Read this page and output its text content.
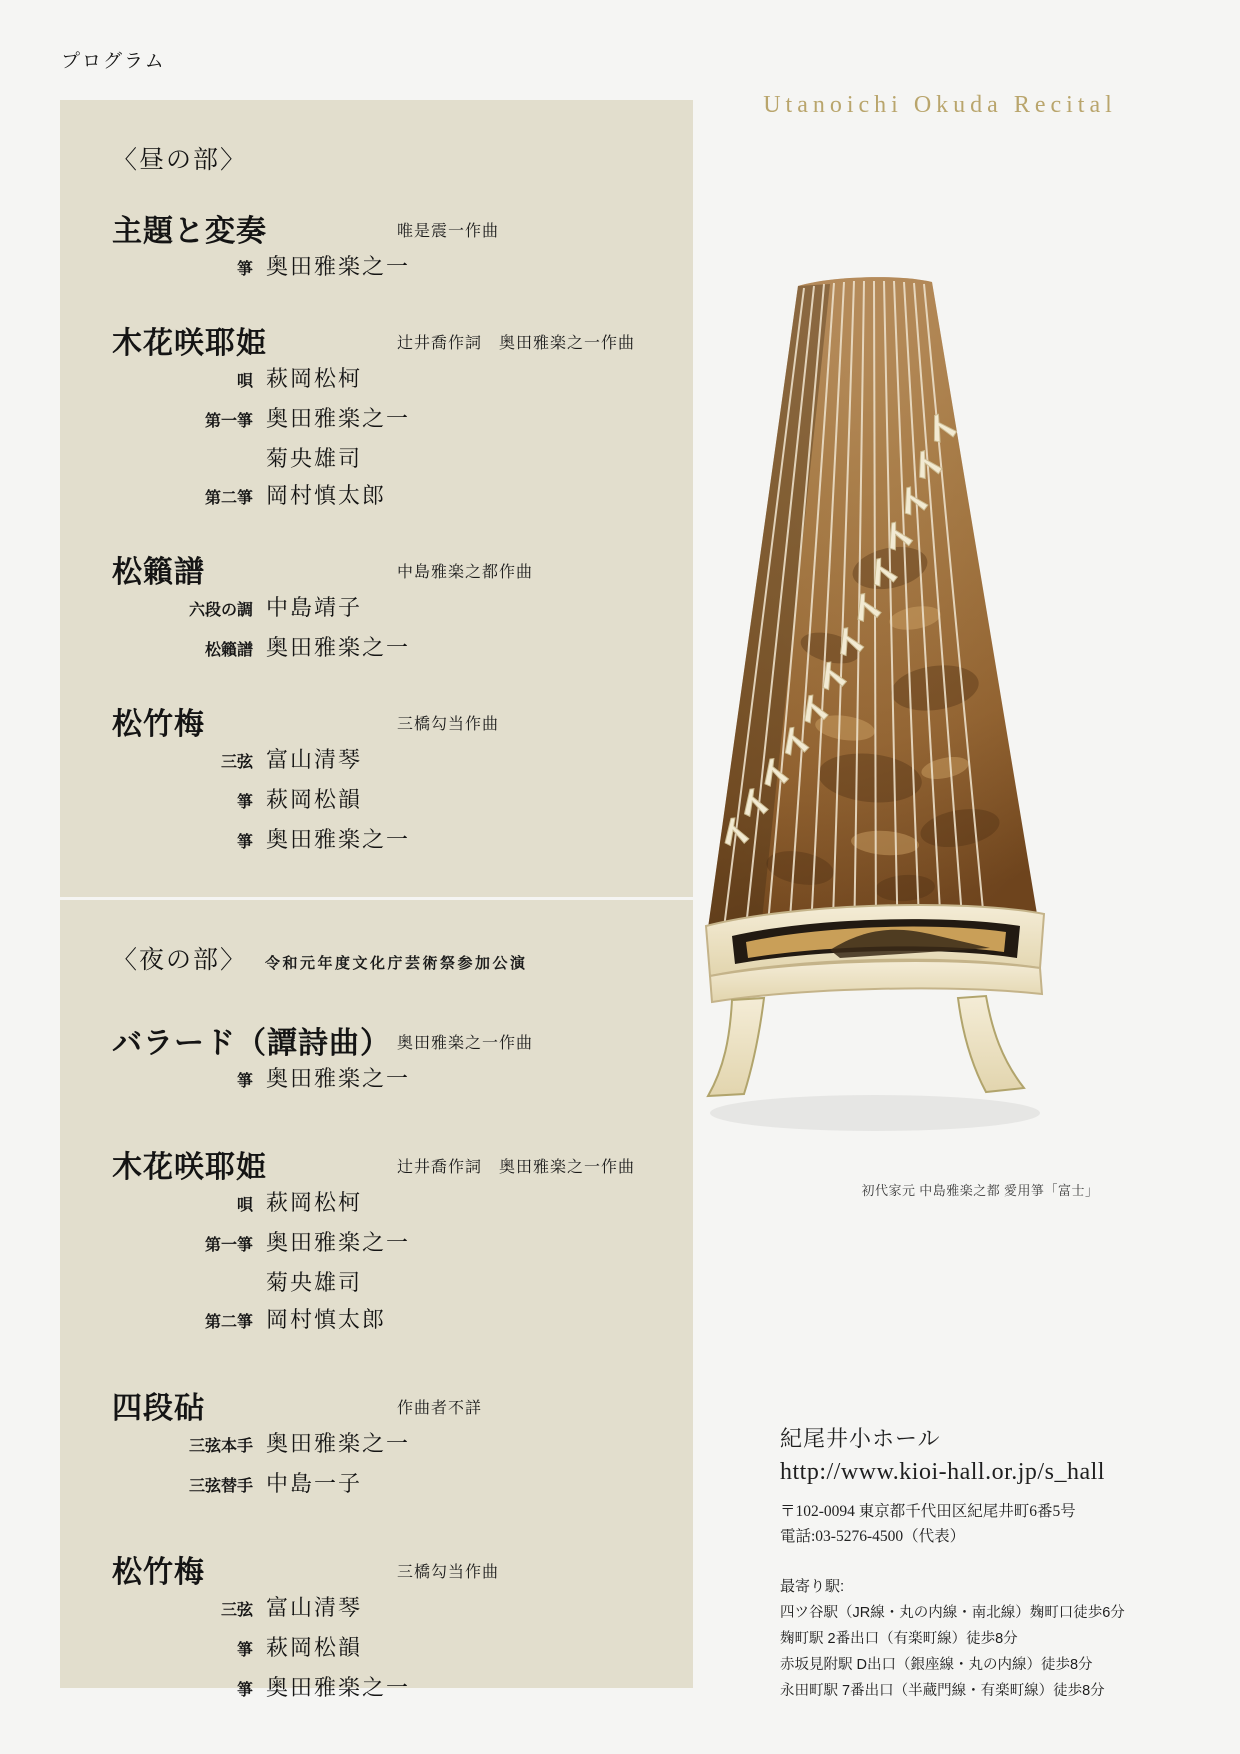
プログラム
〈昼の部〉
主題と変奏	唯是震一作曲
箏 奥田雅楽之一
木花咲耶姫	辻井喬作詞　奥田雅楽之一作曲
唄 萩岡松柯
第一箏 奥田雅楽之一
菊央雄司
第二箏 岡村慎太郎
松籟譜	中島雅楽之都作曲
六段の調 中島靖子
松籟譜 奥田雅楽之一
松竹梅	三橋勾当作曲
三弦 富山清琴
箏 萩岡松韻
箏 奥田雅楽之一
〈夜の部〉 令和元年度文化庁芸術祭参加公演
バラード（譚詩曲） 奥田雅楽之一作曲
箏 奥田雅楽之一
木花咲耶姫	辻井喬作詞　奥田雅楽之一作曲
唄 萩岡松柯
第一箏 奥田雅楽之一
菊央雄司
第二箏 岡村慎太郎
四段砧	作曲者不詳
三弦本手 奥田雅楽之一
三弦替手 中島一子
松竹梅	三橋勾当作曲
三弦 富山清琴
箏 萩岡松韻
箏 奥田雅楽之一
Utanoichi Okuda Recital
初代家元 中島雅楽之都 愛用箏「富士」
紀尾井小ホール
http://www.kioi-hall.or.jp/s_hall
〒102-0094 東京都千代田区紀尾井町6番5号
電話:03-5276-4500（代表）
最寄り駅:
四ツ谷駅（JR線・丸の内線・南北線）麹町口徒歩6分
麹町駅 2番出口（有楽町線）徒歩8分
赤坂見附駅 D出口（銀座線・丸の内線）徒歩8分
永田町駅 7番出口（半蔵門線・有楽町線）徒歩8分
